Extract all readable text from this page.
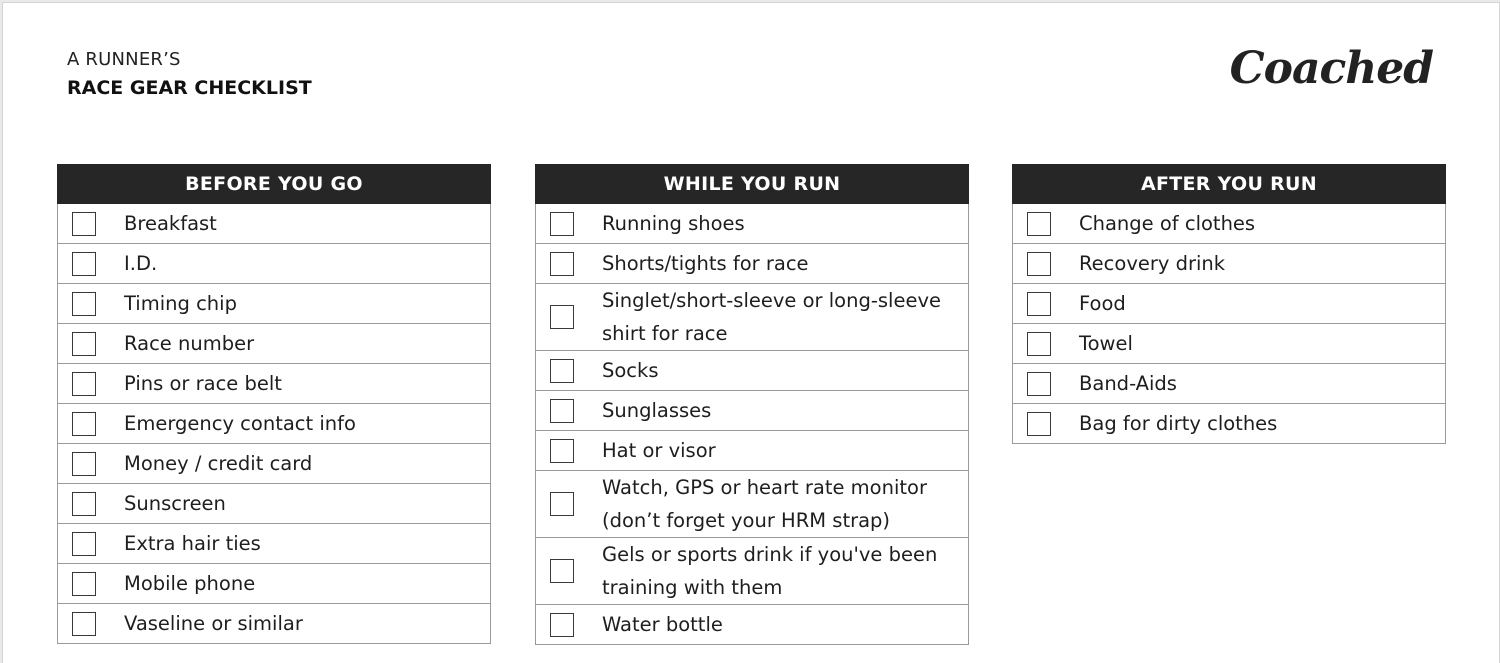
A RUNNER’S
RACE GEAR CHECKLIST	Coached
BEFORE YOU GO
Breakfast
I.D.
Timing chip
Race number
Pins or race belt
Emergency contact info
Money / credit card
Sunscreen
Extra hair ties
Mobile phone
Vaseline or similar
WHILE YOU RUN
Running shoes
Shorts/tights for race
Singlet/short-sleeve or long-sleeve shirt for race
Socks
Sunglasses
Hat or visor
Watch, GPS or heart rate monitor (don’t forget your HRM strap)
Gels or sports drink if you've been training with them
Water bottle
AFTER YOU RUN
Change of clothes
Recovery drink
Food
Towel
Band-Aids
Bag for dirty clothes
